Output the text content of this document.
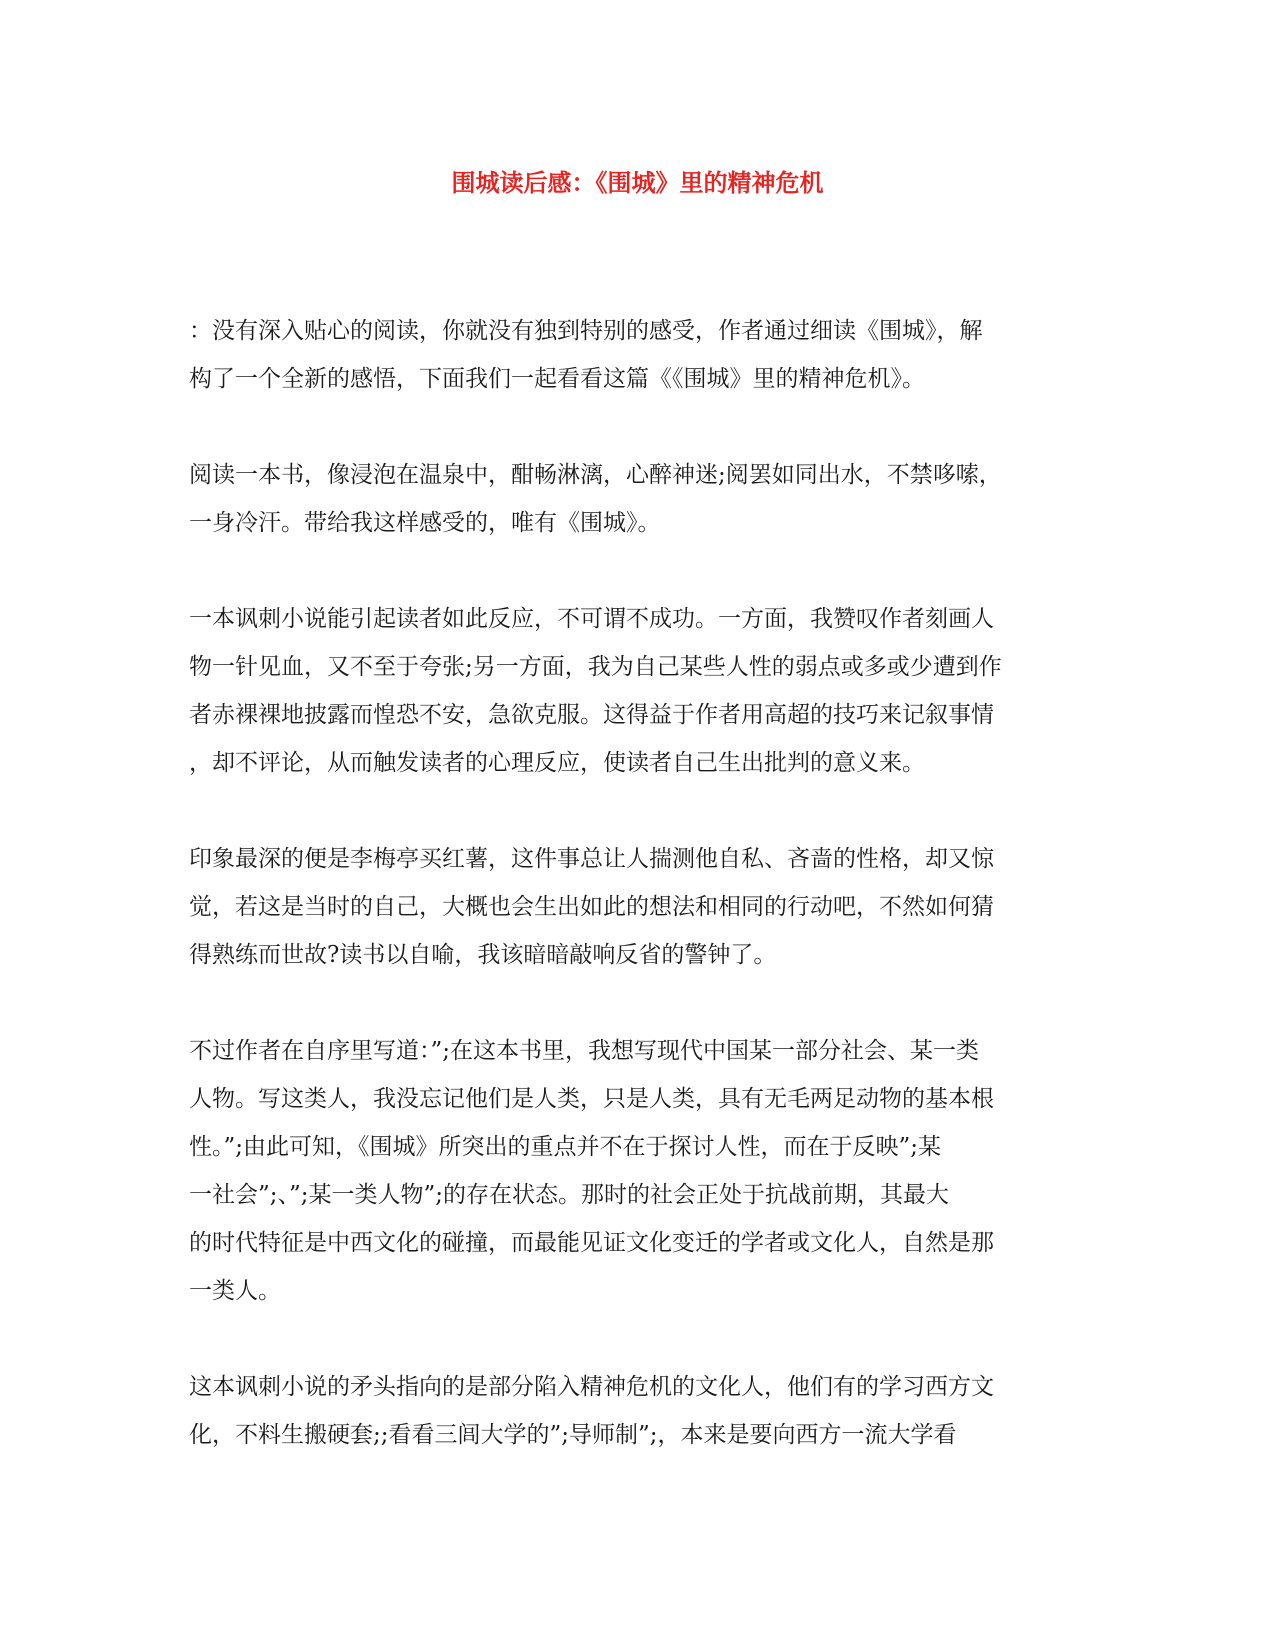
围城读后感：《围城》里的精神危机
：没有深入贴心的阅读，你就没有独到特别的感受，作者通过细读《围城》，解
构了一个全新的感悟，下面我们一起看看这篇《《围城》里的精神危机》。
阅读一本书，像浸泡在温泉中，酣畅淋漓，心醉神迷;阅罢如同出水，不禁哆嗦，
一身冷汗。带给我这样感受的，唯有《围城》。
一本讽刺小说能引起读者如此反应，不可谓不成功。一方面，我赞叹作者刻画人
物一针见血，又不至于夸张;另一方面，我为自己某些人性的弱点或多或少遭到作
者赤裸裸地披露而惶恐不安，急欲克服。这得益于作者用高超的技巧来记叙事情
，却不评论，从而触发读者的心理反应，使读者自己生出批判的意义来。
印象最深的便是李梅亭买红薯，这件事总让人揣测他自私、吝啬的性格，却又惊
觉，若这是当时的自己，大概也会生出如此的想法和相同的行动吧，不然如何猜
得熟练而世故?读书以自喻，我该暗暗敲响反省的警钟了。
不过作者在自序里写道：”;在这本书里，我想写现代中国某一部分社会、某一类
人物。写这类人，我没忘记他们是人类，只是人类，具有无毛两足动物的基本根
性。”;由此可知，《围城》所突出的重点并不在于探讨人性，而在于反映”;某
一社会”;、”;某一类人物”;的存在状态。那时的社会正处于抗战前期，其最大
的时代特征是中西文化的碰撞，而最能见证文化变迁的学者或文化人，自然是那
一类人。
这本讽刺小说的矛头指向的是部分陷入精神危机的文化人，他们有的学习西方文
化，不料生搬硬套;;看看三闾大学的”;导师制”;，本来是要向西方一流大学看
